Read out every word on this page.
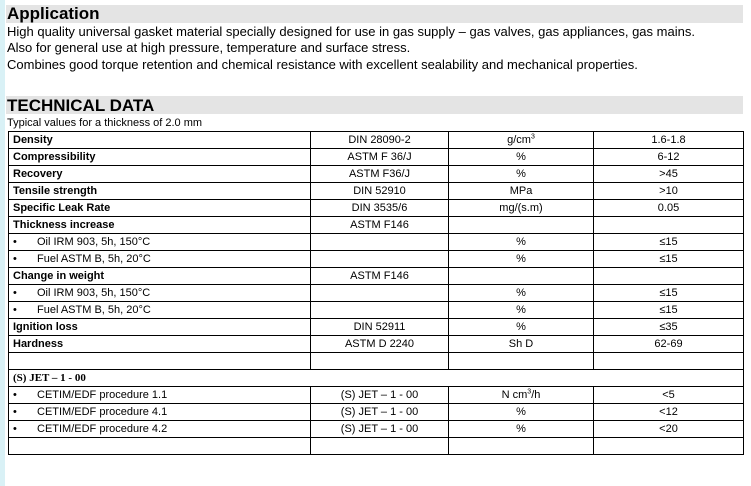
Application
High quality universal gasket material specially designed for use in gas supply – gas valves, gas appliances, gas mains.
Also for general use at high pressure, temperature and surface stress.
Combines good torque retention and chemical resistance with excellent sealability and mechanical properties.
TECHNICAL DATA
Typical values for a thickness of 2.0 mm
Density	DIN 28090-2	$g/cm^3$	1.6-1.8
Compressibility	ASTM F 36/J	%	6-12
Recovery	ASTM F36/J	%	>45
Tensile strength	DIN 52910	MPa	>10
Specific Leak Rate	DIN 3535/6	mg/(s.m)	0.05
Thickness increase	ASTM F146		
• Oil IRM 903, 5h, 150°C		%	≤15
• Fuel ASTM B, 5h, 20°C		%	≤15
Change in weight	ASTM F146		
• Oil IRM 903, 5h, 150°C		%	≤15
• Fuel ASTM B, 5h, 20°C		%	≤15
Ignition loss	DIN 52911	%	≤35
Hardness	ASTM D 2240	Sh D	62-69

(S) JET – 1 - 00			
• CETIM/EDF procedure 1.1	(S) JET – 1 - 00	N $cm^3/h$	<5
• CETIM/EDF procedure 4.1	(S) JET – 1 - 00	%	<12
• CETIM/EDF procedure 4.2	(S) JET – 1 - 00	%	<20
